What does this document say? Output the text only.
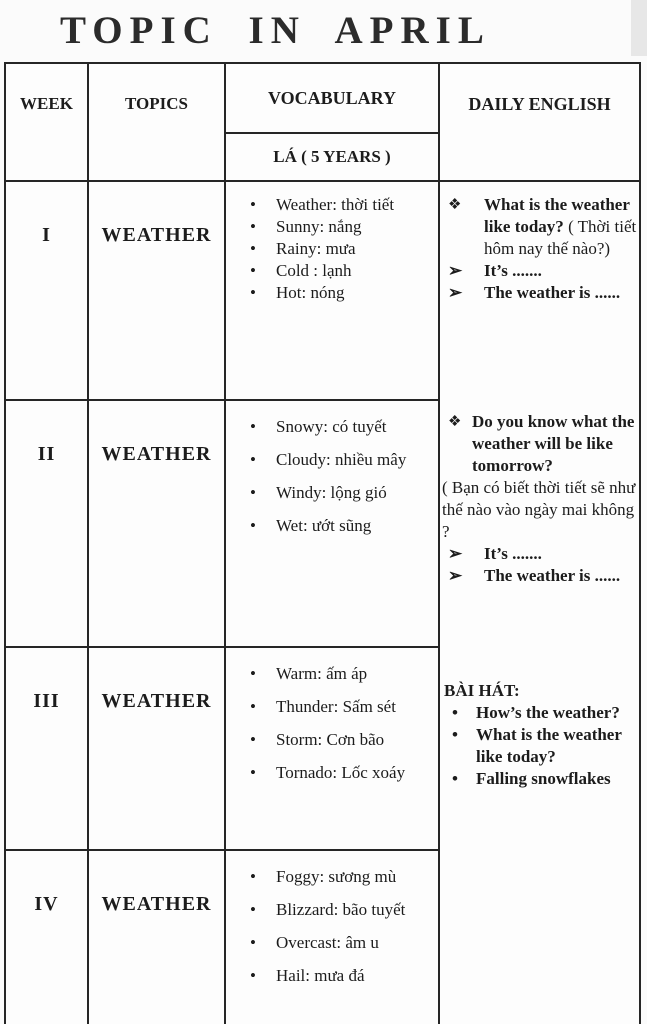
TOPIC IN APRIL
WEEK	TOPICS	VOCABULARY
LÁ ( 5 YEARS )
DAILY ENGLISH
I
II
III
IV
WEATHER
WEATHER
WEATHER
WEATHER
• Weather: thời tiết
• Sunny: nắng
• Rainy: mưa
• Cold : lạnh
• Hot: nóng
• Snowy: có tuyết
• Cloudy: nhiều mây
• Windy: lộng gió
• Wet: ướt sũng
• Warm: ấm áp
• Thunder: Sấm sét
• Storm: Cơn bão
• Tornado: Lốc xoáy
• Foggy: sương mù
• Blizzard: bão tuyết
• Overcast: âm u
• Hail: mưa đá

❖ What is the weather like today? ( Thời tiết hôm nay thế nào?)

➢ It’s .......

➢ The weather is ......

❖ Do you know what the weather will be like tomorrow?

( Bạn có biết thời tiết sẽ như thế nào vào ngày mai không ?

➢ It’s .......

➢ The weather is ......

BÀI HÁT:

• How’s the weather?
• What is the weather like today?
• Falling snowflakes
